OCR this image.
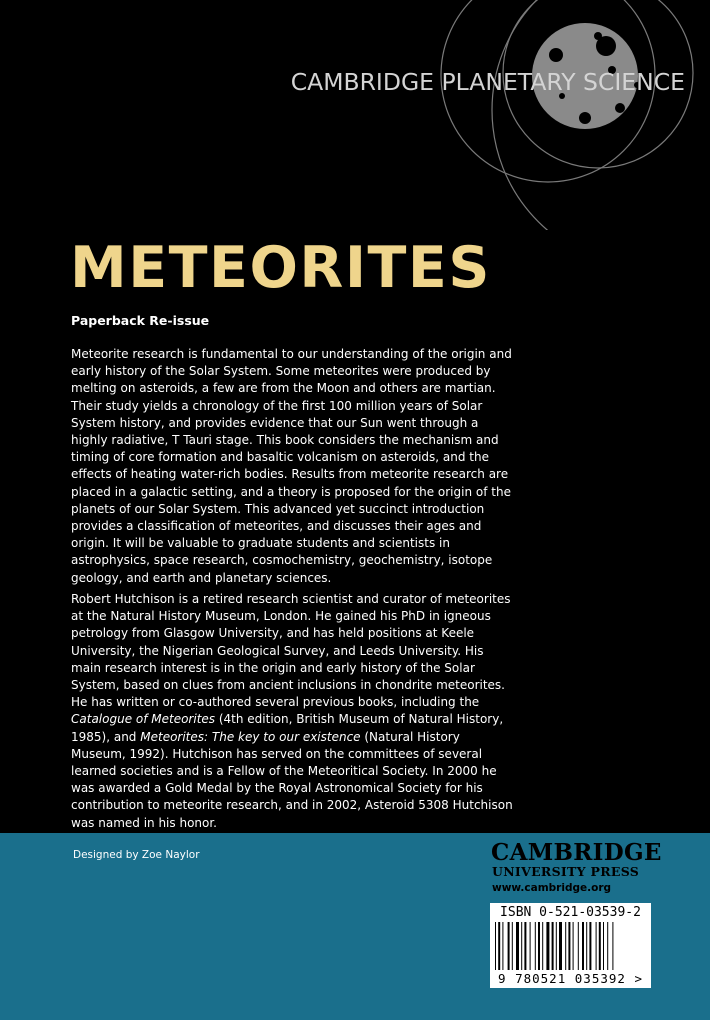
CAMBRIDGE PLANETARY SCIENCE
METEORITES
Paperback Re-issue

Meteorite research is fundamental to our understanding of the origin and early history of the Solar System. Some meteorites were produced by melting on asteroids, a few are from the Moon and others are martian. Their study yields a chronology of the first 100 million years of Solar System history, and provides evidence that our Sun went through a highly radiative, T Tauri stage. This book considers the mechanism and timing of core formation and basaltic volcanism on asteroids, and the effects of heating water-rich bodies. Results from meteorite research are placed in a galactic setting, and a theory is proposed for the origin of the planets of our Solar System. This advanced yet succinct introduction provides a classification of meteorites, and discusses their ages and origin. It will be valuable to graduate students and scientists in astrophysics, space research, cosmochemistry, geochemistry, isotope geology, and earth and planetary sciences.

Robert Hutchison is a retired research scientist and curator of meteorites at the Natural History Museum, London. He gained his PhD in igneous petrology from Glasgow University, and has held positions at Keele University, the Nigerian Geological Survey, and Leeds University. His main research interest is in the origin and early history of the Solar System, based on clues from ancient inclusions in chondrite meteorites. He has written or co-authored several previous books, including the Catalogue of Meteorites (4th edition, British Museum of Natural History, 1985), and Meteorites: The key to our existence (Natural History Museum, 1992). Hutchison has served on the committees of several learned societies and is a Fellow of the Meteoritical Society. In 2000 he was awarded a Gold Medal by the Royal Astronomical Society for his contribution to meteorite research, and in 2002, Asteroid 5308 Hutchison was named in his honor.

Designed by Zoe Naylor	CAMBRIDGE
UNIVERSITY PRESS
www.cambridge.org
ISBN 0-521-03539-2
9 780521 035392 >
